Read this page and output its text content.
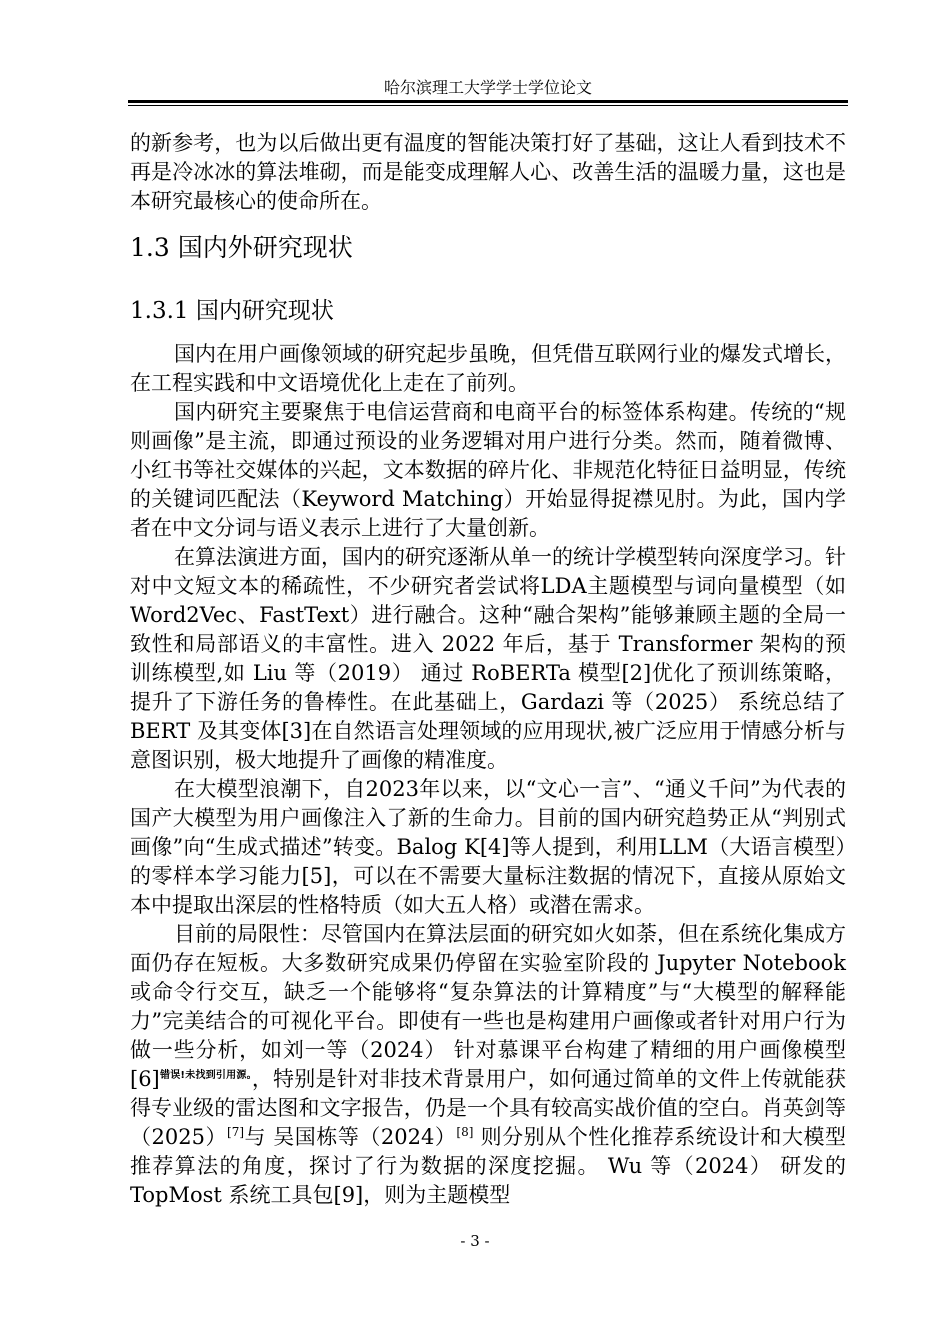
哈尔滨理工大学学士学位论文

的新参考，也为以后做出更有温度的智能决策打好了基础，这让人看到技术不再是冷冰冰的算法堆砌，而是能变成理解人心、改善生活的温暖力量，这也是本研究最核心的使命所在。

1.3 国内外研究现状
1.3.1 国内研究现状

国内在用户画像领域的研究起步虽晚，但凭借互联网行业的爆发式增长，在工程实践和中文语境优化上走在了前列。

国内研究主要聚焦于电信运营商和电商平台的标签体系构建。传统的“规则画像”是主流，即通过预设的业务逻辑对用户进行分类。然而，随着微博、小红书等社交媒体的兴起，文本数据的碎片化、非规范化特征日益明显，传统的关键词匹配法（Keyword Matching）开始显得捉襟见肘。为此，国内学者在中文分词与语义表示上进行了大量创新。

在算法演进方面，国内的研究逐渐从单一的统计学模型转向深度学习。针对中文短文本的稀疏性，不少研究者尝试将LDA主题模型与词向量模型（如 Word2Vec、FastText）进行融合。这种“融合架构”能够兼顾主题的全局一致性和局部语义的丰富性。进入 2022 年后，基于 Transformer 架构的预训练模型,如 Liu 等（2019） 通过 RoBERTa 模型[2]优化了预训练策略，提升了下游任务的鲁棒性。在此基础上，Gardazi 等（2025） 系统总结了 BERT 及其变体[3]在自然语言处理领域的应用现状,被广泛应用于情感分析与意图识别，极大地提升了画像的精准度。

在大模型浪潮下，自2023年以来，以“文心一言”、“通义千问”为代表的国产大模型为用户画像注入了新的生命力。目前的国内研究趋势正从“判别式画像”向“生成式描述”转变。Balog K[4]等人提到，利用LLM（大语言模型）的零样本学习能力[5]，可以在不需要大量标注数据的情况下，直接从原始文本中提取出深层的性格特质（如大五人格）或潜在需求。

目前的局限性：尽管国内在算法层面的研究如火如荼，但在系统化集成方面仍存在短板。大多数研究成果仍停留在实验室阶段的 Jupyter Notebook 或命令行交互，缺乏一个能够将“复杂算法的计算精度”与“大模型的解释能力”完美结合的可视化平台。即使有一些也是构建用户画像或者针对用户行为做一些分析，如刘一等（2024） 针对慕课平台构建了精细的用户画像模型$[6]^{错误!未找到引用源。}$，特别是针对非技术背景用户，如何通过简单的文件上传就能获得专业级的雷达图和文字报告，仍是一个具有较高实战价值的空白。肖英剑等（2025）[7]与 吴国栋等（2024）[8] 则分别从个性化推荐系统设计和大模型推荐算法的角度，探讨了行为数据的深度挖掘。 Wu 等（2024） 研发的 TopMost 系统工具包[9]，则为主题模型

- 3 -
